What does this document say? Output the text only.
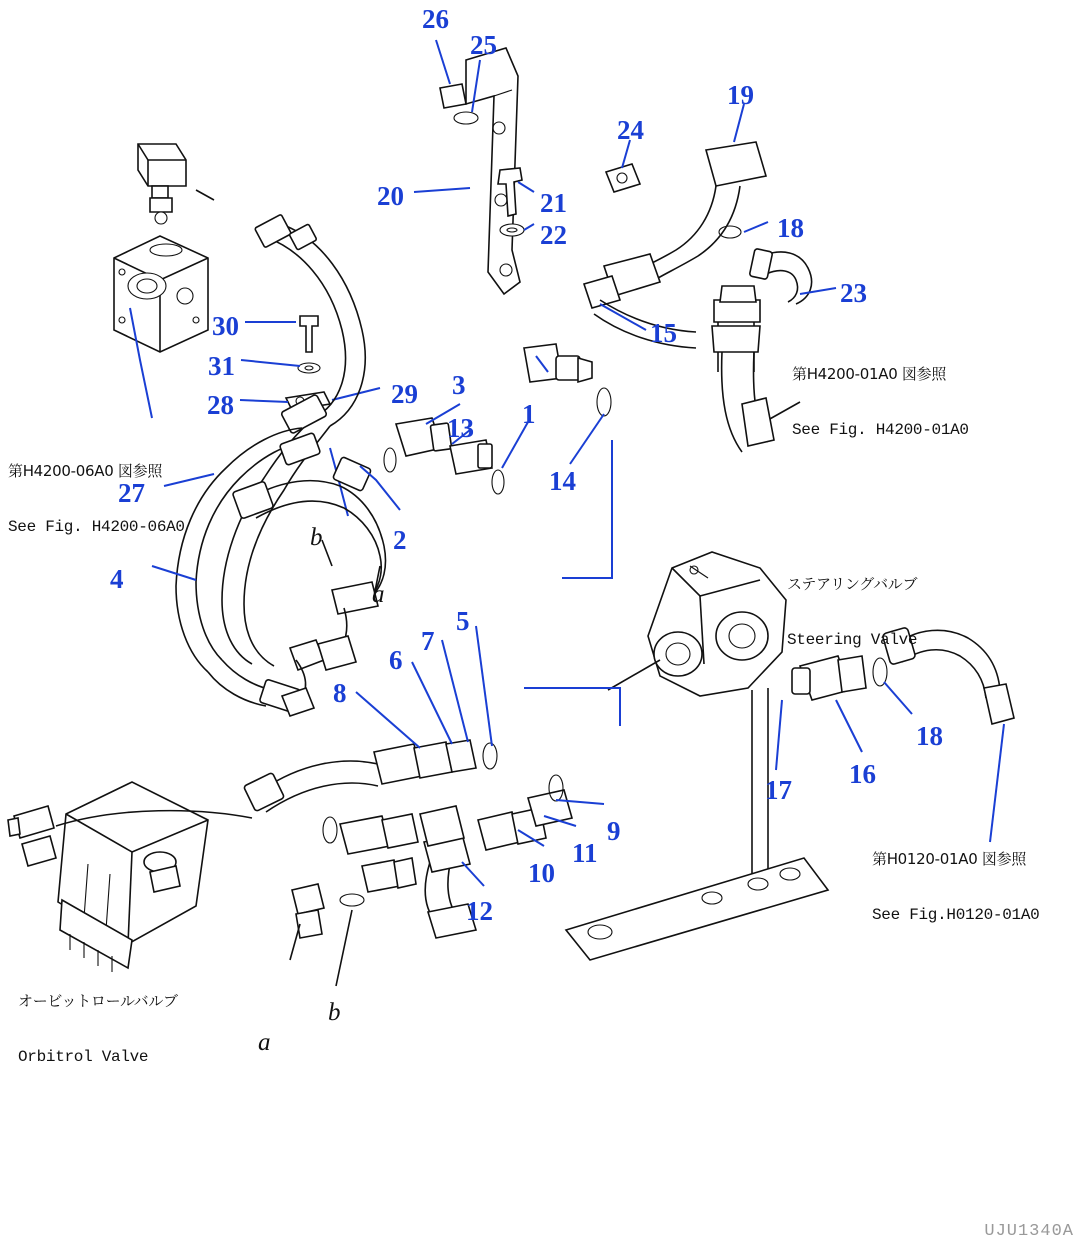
26
25
24
19
20	21
22	18
23
15
30
31
28	29 3
1
13
14
27
2
4
5
7
6
8
18
16
17
9
11
10
12
b
a
a
b

第H4200-01A0 図参照

See Fig. H4200-01A0

第H4200-06A0 図参照

See Fig. H4200-06A0

ステアリングバルブ

Steering Valve

第H0120-01A0 図参照

See Fig.H0120-01A0

オービットロールバルブ

Orbitrol Valve

UJU1340A
